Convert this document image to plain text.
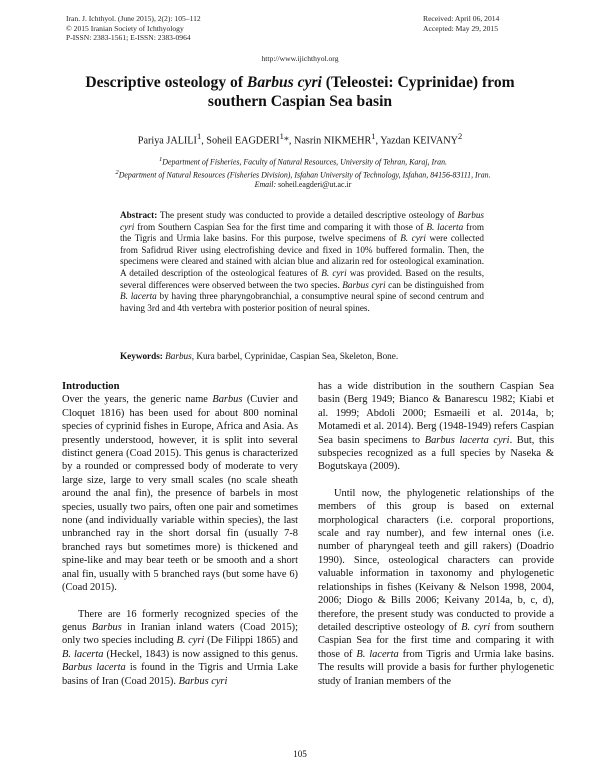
Iran. J. Ichthyol. (June 2015), 2(2): 105–112
© 2015 Iranian Society of Ichthyology
P-ISSN: 2383-1561; E-ISSN: 2383-0964
Received: April 06, 2014
Accepted: May 29, 2015
http://www.ijichthyol.org
Descriptive osteology of Barbus cyri (Teleostei: Cyprinidae) from southern Caspian Sea basin
Pariya JALILI$^1$, Soheil EAGDERI$^1$*, Nasrin NIKMEHR$^1$, Yazdan KEIVANY$^2$

$^1$Department of Fisheries, Faculty of Natural Resources, University of Tehran, Karaj, Iran.

$^2$Department of Natural Resources (Fisheries Division), Isfahan University of Technology, Isfahan, 84156-83111, Iran.

Email: soheil.eagderi@ut.ac.ir

Abstract: The present study was conducted to provide a detailed descriptive osteology of Barbus cyri from Southern Caspian Sea for the first time and comparing it with those of B. lacerta from the Tigris and Urmia lake basins. For this purpose, twelve specimens of B. cyri were collected from Safidrud River using electrofishing device and fixed in 10% buffered formalin. Then, the specimens were cleared and stained with alcian blue and alizarin red for osteological examination. A detailed description of the osteological features of B. cyri was provided. Based on the results, several differences were observed between the two species. Barbus cyri can be distinguished from B. lacerta by having three pharyngobranchial, a consumptive neural spine of second centrum and having 3rd and 4th vertebra with posterior position of neural spines.
Keywords: Barbus, Kura barbel, Cyprinidae, Caspian Sea, Skeleton, Bone.
Introduction

Over the years, the generic name Barbus (Cuvier and Cloquet 1816) has been used for about 800 nominal species of cyprinid fishes in Europe, Africa and Asia. As presently understood, however, it is split into several distinct genera (Coad 2015). This genus is characterized by a rounded or compressed body of moderate to very large size, large to very small scales (no scale sheath around the anal fin), the presence of barbels in most species, usually two pairs, often one pair and sometimes none (and individually variable within species), the last unbranched ray in the short dorsal fin (usually 7-8 branched rays but sometimes more) is thickened and spine-like and may bear teeth or be smooth and a short anal fin, usually with 5 branched rays (but some have 6) (Coad 2015).

There are 16 formerly recognized species of the genus Barbus in Iranian inland waters (Coad 2015); only two species including B. cyri (De Filippi 1865) and B. lacerta (Heckel, 1843) is now assigned to this genus. Barbus lacerta is found in the Tigris and Urmia Lake basins of Iran (Coad 2015). Barbus cyri

has a wide distribution in the southern Caspian Sea basin (Berg 1949; Bianco & Banarescu 1982; Kiabi et al. 1999; Abdoli 2000; Esmaeili et al. 2014a, b; Motamedi et al. 2014). Berg (1948-1949) refers Caspian Sea basin specimens to Barbus lacerta cyri. But, this subspecies recognized as a full species by Naseka & Bogutskaya (2009).

Until now, the phylogenetic relationships of the members of this group is based on external morphological characters (i.e. corporal proportions, scale and ray number), and few internal ones (i.e. number of pharyngeal teeth and gill rakers) (Doadrio 1990). Since, osteological characters can provide valuable information in taxonomy and phylogenetic relationships in fishes (Keivany & Nelson 1998, 2004, 2006; Diogo & Bills 2006; Keivany 2014a, b, c, d), therefore, the present study was conducted to provide a detailed descriptive osteology of B. cyri from southern Caspian Sea for the first time and comparing it with those of B. lacerta from Tigris and Urmia lake basins. The results will provide a basis for further phylogenetic study of Iranian members of the

105
